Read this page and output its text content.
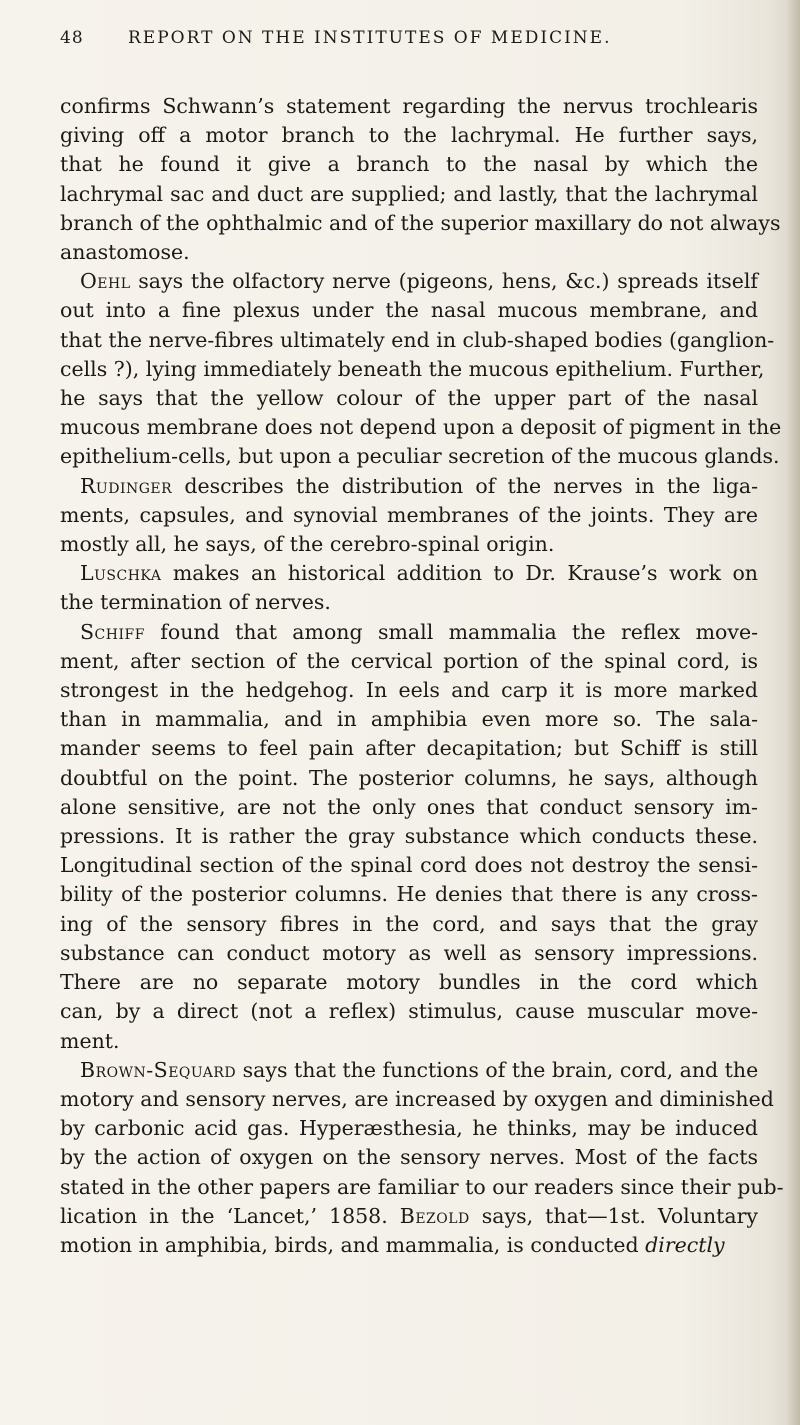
48	REPORT ON THE INSTITUTES OF MEDICINE.
confirms Schwann’s statement regarding the nervus trochlearis
giving off a motor branch to the lachrymal. He further says,
that he found it give a branch to the nasal by which the
lachrymal sac and duct are supplied; and lastly, that the lachrymal
branch of the ophthalmic and of the superior maxillary do not always
anastomose.
Oehl says the olfactory nerve (pigeons, hens, &c.) spreads itself
out into a fine plexus under the nasal mucous membrane, and
that the nerve-fibres ultimately end in club-shaped bodies (ganglion-
cells ?), lying immediately beneath the mucous epithelium. Further,
he says that the yellow colour of the upper part of the nasal
mucous membrane does not depend upon a deposit of pigment in the
epithelium-cells, but upon a peculiar secretion of the mucous glands.
Rudinger describes the distribution of the nerves in the liga-
ments, capsules, and synovial membranes of the joints. They are
mostly all, he says, of the cerebro-spinal origin.
Luschka makes an historical addition to Dr. Krause’s work on
the termination of nerves.
Schiff found that among small mammalia the reflex move-
ment, after section of the cervical portion of the spinal cord, is
strongest in the hedgehog. In eels and carp it is more marked
than in mammalia, and in amphibia even more so. The sala-
mander seems to feel pain after decapitation; but Schiff is still
doubtful on the point. The posterior columns, he says, although
alone sensitive, are not the only ones that conduct sensory im-
pressions. It is rather the gray substance which conducts these.
Longitudinal section of the spinal cord does not destroy the sensi-
bility of the posterior columns. He denies that there is any cross-
ing of the sensory fibres in the cord, and says that the gray
substance can conduct motory as well as sensory impressions.
There are no separate motory bundles in the cord which
can, by a direct (not a reflex) stimulus, cause muscular move-
ment.
Brown-Sequard says that the functions of the brain, cord, and the
motory and sensory nerves, are increased by oxygen and diminished
by carbonic acid gas. Hyperæsthesia, he thinks, may be induced
by the action of oxygen on the sensory nerves. Most of the facts
stated in the other papers are familiar to our readers since their pub-
lication in the ‘Lancet,’ 1858. Bezold says, that—1st. Voluntary
motion in amphibia, birds, and mammalia, is conducted directly
